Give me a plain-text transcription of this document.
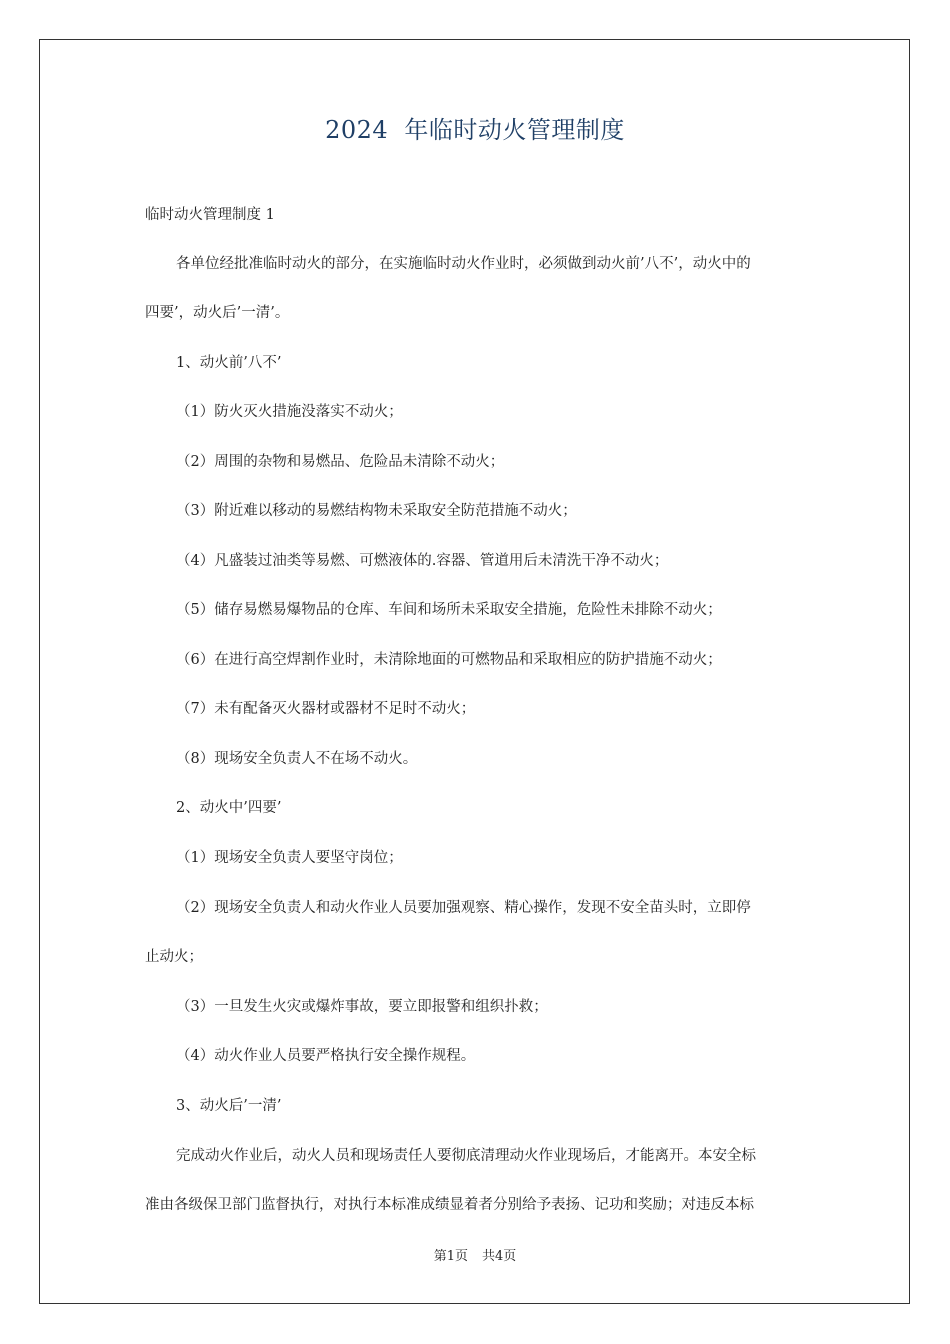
2024  年临时动火管理制度
临时动火管理制度 1
各单位经批准临时动火的部分，在实施临时动火作业时，必须做到动火前’八不’，动火中的
四要’，动火后’一清’。
1、动火前’八不’
（1）防火灭火措施没落实不动火；
（2）周围的杂物和易燃品、危险品未清除不动火；
（3）附近难以移动的易燃结构物未采取安全防范措施不动火；
（4）凡盛装过油类等易燃、可燃液体的.容器、管道用后未清洗干净不动火；
（5）储存易燃易爆物品的仓库、车间和场所未采取安全措施，危险性未排除不动火；
（6）在进行高空焊割作业时，未清除地面的可燃物品和采取相应的防护措施不动火；
（7）未有配备灭火器材或器材不足时不动火；
（8）现场安全负责人不在场不动火。
2、动火中’四要’
（1）现场安全负责人要坚守岗位；
（2）现场安全负责人和动火作业人员要加强观察、精心操作，发现不安全苗头时，立即停
止动火；
（3）一旦发生火灾或爆炸事故，要立即报警和组织扑救；
（4）动火作业人员要严格执行安全操作规程。
3、动火后’一清’
完成动火作业后，动火人员和现场责任人要彻底清理动火作业现场后，才能离开。本安全标
准由各级保卫部门监督执行，对执行本标准成绩显着者分别给予表扬、记功和奖励；对违反本标
第1页 共4页
